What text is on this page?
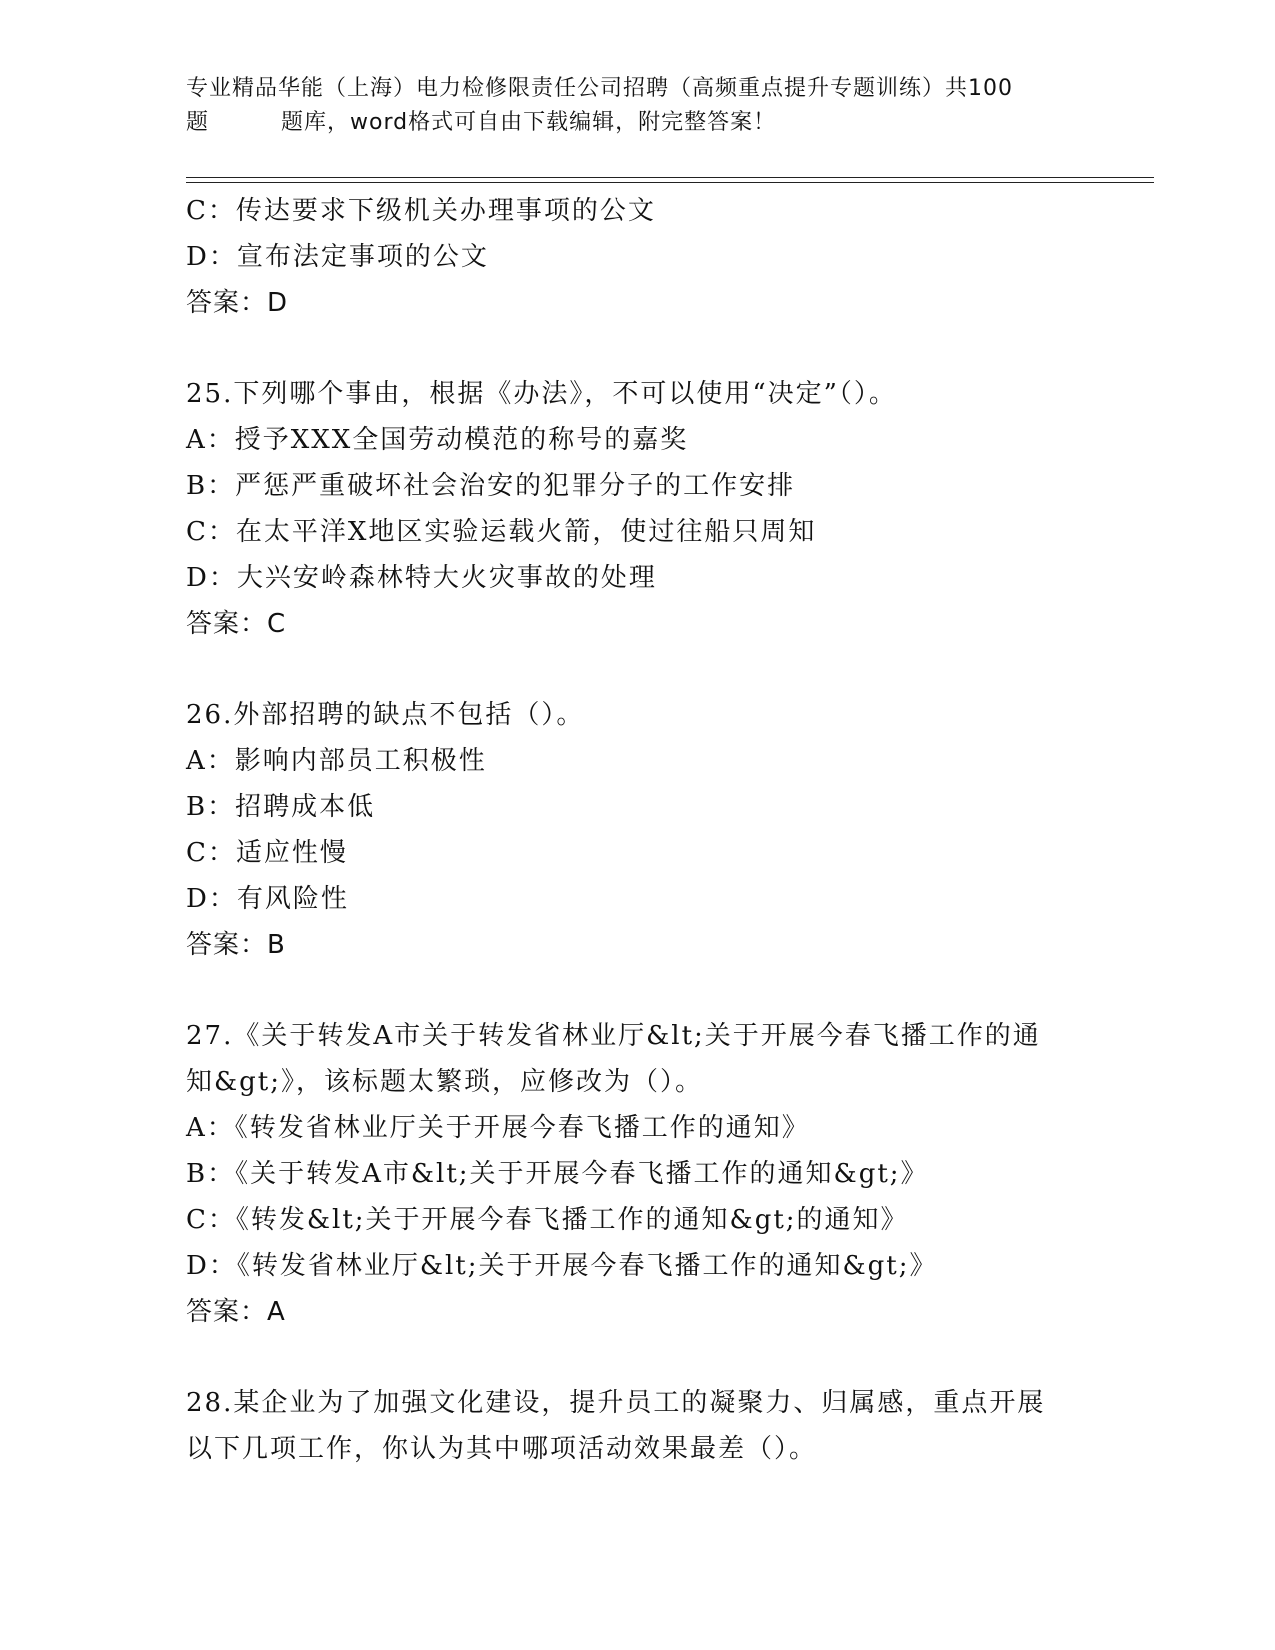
专业精品华能（上海）电力检修限责任公司招聘（高频重点提升专题训练）共100
题	题库，word格式可自由下载编辑，附完整答案！
C：传达要求下级机关办理事项的公文
D：宣布法定事项的公文
答案：D
25.下列哪个事由，根据《办法》，不可以使用“决定”（）。
A：授予XXX全国劳动模范的称号的嘉奖
B：严惩严重破坏社会治安的犯罪分子的工作安排
C：在太平洋X地区实验运载火箭，使过往船只周知
D：大兴安岭森林特大火灾事故的处理
答案：C
26.外部招聘的缺点不包括（）。
A：影响内部员工积极性
B：招聘成本低
C：适应性慢
D：有风险性
答案：B
27.《关于转发A市关于转发省林业厅&lt;关于开展今春飞播工作的通
知&gt;》，该标题太繁琐，应修改为（）。
A：《转发省林业厅关于开展今春飞播工作的通知》
B：《关于转发A市&lt;关于开展今春飞播工作的通知&gt;》
C：《转发&lt;关于开展今春飞播工作的通知&gt;的通知》
D：《转发省林业厅&lt;关于开展今春飞播工作的通知&gt;》
答案：A
28.某企业为了加强文化建设，提升员工的凝聚力、归属感，重点开展
以下几项工作，你认为其中哪项活动效果最差（）。
